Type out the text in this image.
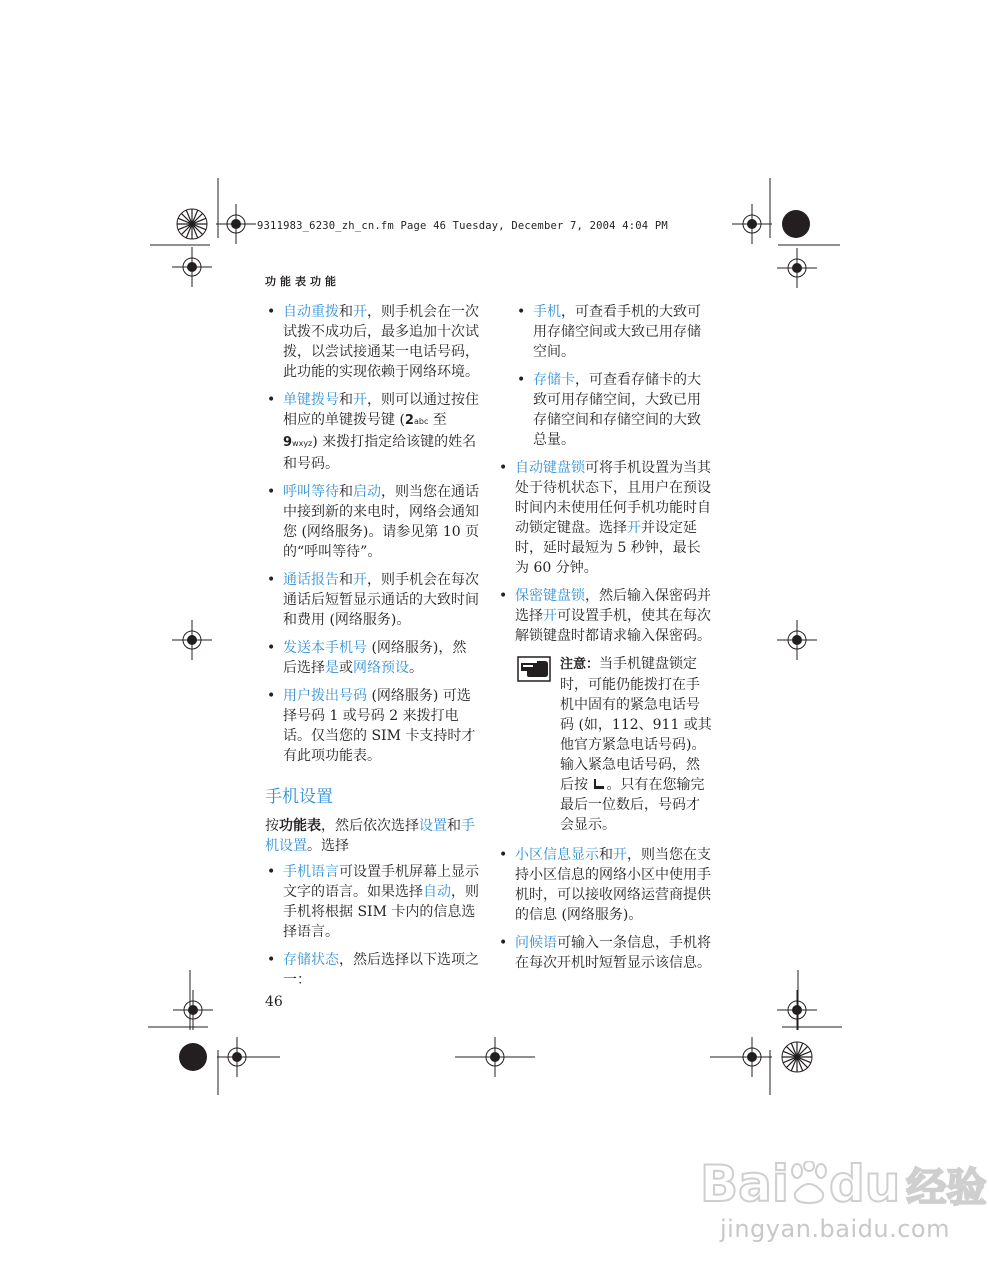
9311983_6230_zh_cn.fm Page 46 Tuesday, December 7, 2004 4:04 PM
功能表功能
• 自动重拨和开，则手机会在一次试拨不成功后，最多追加十次试拨，以尝试接通某一电话号码，此功能的实现依赖于网络环境。
• 单键拨号和开，则可以通过按住相应的单键拨号键 (2abc 至 9wxyz) 来拨打指定给该键的姓名和号码。
• 呼叫等待和启动，则当您在通话中接到新的来电时，网络会通知您 (网络服务)。请参见第 10 页的“呼叫等待”。
• 通话报告和开，则手机会在每次通话后短暂显示通话的大致时间和费用 (网络服务)。
• 发送本手机号 (网络服务)，然后选择是或网络预设。
• 用户拨出号码 (网络服务) 可选择号码 1 或号码 2 来拨打电话。仅当您的 SIM 卡支持时才有此项功能表。
手机设置

按功能表，然后依次选择设置和手机设置。选择

• 手机语言可设置手机屏幕上显示文字的语言。如果选择自动，则手机将根据 SIM 卡内的信息选择语言。
• 存储状态，然后选择以下选项之一：
• 手机，可查看手机的大致可用存储空间或大致已用存储空间。
• 存储卡，可查看存储卡的大致可用存储空间，大致已用存储空间和存储空间的大致总量。
• 自动键盘锁可将手机设置为当其处于待机状态下，且用户在预设时间内未使用任何手机功能时自动锁定键盘。选择开并设定延时，延时最短为 5 秒钟，最长为 60 分钟。
• 保密键盘锁，然后输入保密码并选择开可设置手机，使其在每次解锁键盘时都请求输入保密码。
注意：当手机键盘锁定时，可能仍能拨打在手机中固有的紧急电话号码 (如，112、911 或其他官方紧急电话号码)。输入紧急电话号码，然后按 。只有在您输完最后一位数后，号码才会显示。
• 小区信息显示和开，则当您在支持小区信息的网络小区中使用手机时，可以接收网络运营商提供的信息 (网络服务)。
• 问候语可输入一条信息，手机将在每次开机时短暂显示该信息。
46
Bai du 经验
jingyan.baidu.com
